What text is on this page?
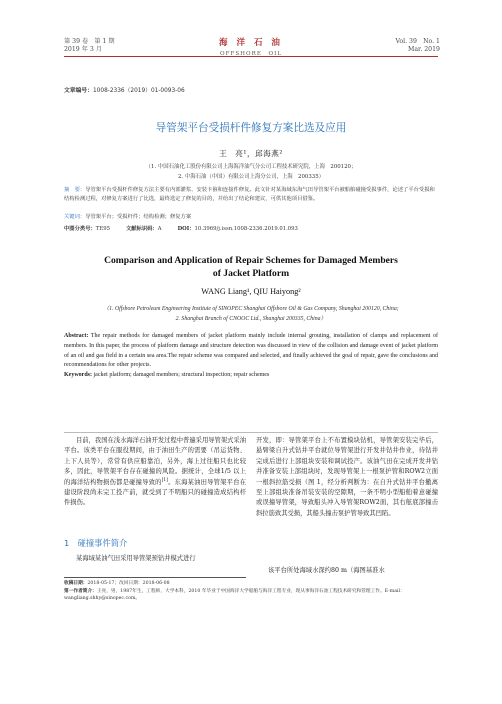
第 39 卷　第 1 期
2019 年 3 月
海 洋 石 油
OFFSHORE　OIL
Vol. 39　No. 1
Mar. 2019
文章编号：1008-2336（2019）01-0093-06
导管架平台受损杆件修复方案比选及应用
王　亮¹，邱海燕²
（1. 中国石油化工股份有限公司上海海洋油气分公司工程技术研究院，上海　200120；
2. 中海石油（中国）有限公司上海分公司，上海　200335）
摘　要：导管架平台受损杆件修复方法主要有内部灌浆、安装卡箍和连接件修复。此文针对某海域东海气田导管架平台被船舶碰撞受损事件，论述了平台受损和结构检测过程，对修复方案进行了比选，最终选定了修复的目的，并给出了结论和建议，可供其他项目借鉴。
关键词：导管架平台；受损杆件；结构检测；修复方案
中图分类号：TE95	文献标识码：A	DOI：10.3969/j.issn.1008-2336.2019.01.093
Comparison and Application of Repair Schemes for Damaged Members
of Jacket Platform
WANG Liang¹, QIU Haiyong²
（1. Offshore Petroleum Engineering Institute of SINOPEC Shanghai Offshore Oil & Gas Company, Shanghai 200120, China;
2. Shanghai Branch of CNOOC Ltd., Shanghai 200335, China）
Abstract: The repair methods for damaged members of jacket platform mainly include internal grouting, installation of clamps and replacement of members. In this paper, the process of platform damage and structure detection was discussed in view of the collision and damage event of jacket platform of an oil and gas field in a certain sea area.The repair scheme was compared and selected, and finally achieved the goal of repair, gave the conclusions and recommendations for other projects.
Keywords: jacket platform; damaged members; structural inspection; repair schemes
目前，我国在浅水海洋石油开发过程中普遍采用导管架式采油平台。该类平台在服役期间，由于油田生产的需要（吊运货物、上下人员等），常常有供应船靠泊，另外，海上过往船只也比较多，因此，导管架平台存在碰撞的风险。据统计，全球1/5 以上的海洋结构物损伤都是碰撞导致的[1]。东海某油田导管架平台在建设阶段尚未完工投产前，就受到了不明船只的碰撞造成结构杆件损伤。
1　碰撞事件简介
某海域某油气田采用导管架预钻井模式进行
开发，即：导管架平台上不布置模块钻机，导管架安装完毕后，悬臂梁自升式钻井平台就位导管架进行开发井钻井作业，待钻井完成后进行上部组块安装和调试投产。该油气田在完成开发井钻井准备安装上部组块时，发现导管架上一根泵护管和ROW2立面一根斜拉筋受损（图 1，经分析判断为：在自升式钻井平台撤离至上部组块准备吊装安装的空隙期，一条不明小型船舶着意碰撞或误撞导管架，导致船头冲入导管架ROW2面，其右舷底部撞击斜拉筋致其受损，其船头撞击泵护管导致其凹陷。
该平台所处海域水深约80 m（海图基准水
收稿日期：2018-05-17；改回日期：2018-06-08
第一作者简介：王亮，男，1987年生，工程师，大学本科，2010 年毕业于中国海洋大学船舶与海洋工程专业，现从事海洋石油工程技术研究和管理工作。E-mail：wangliang.shhy@sinopec.com。
